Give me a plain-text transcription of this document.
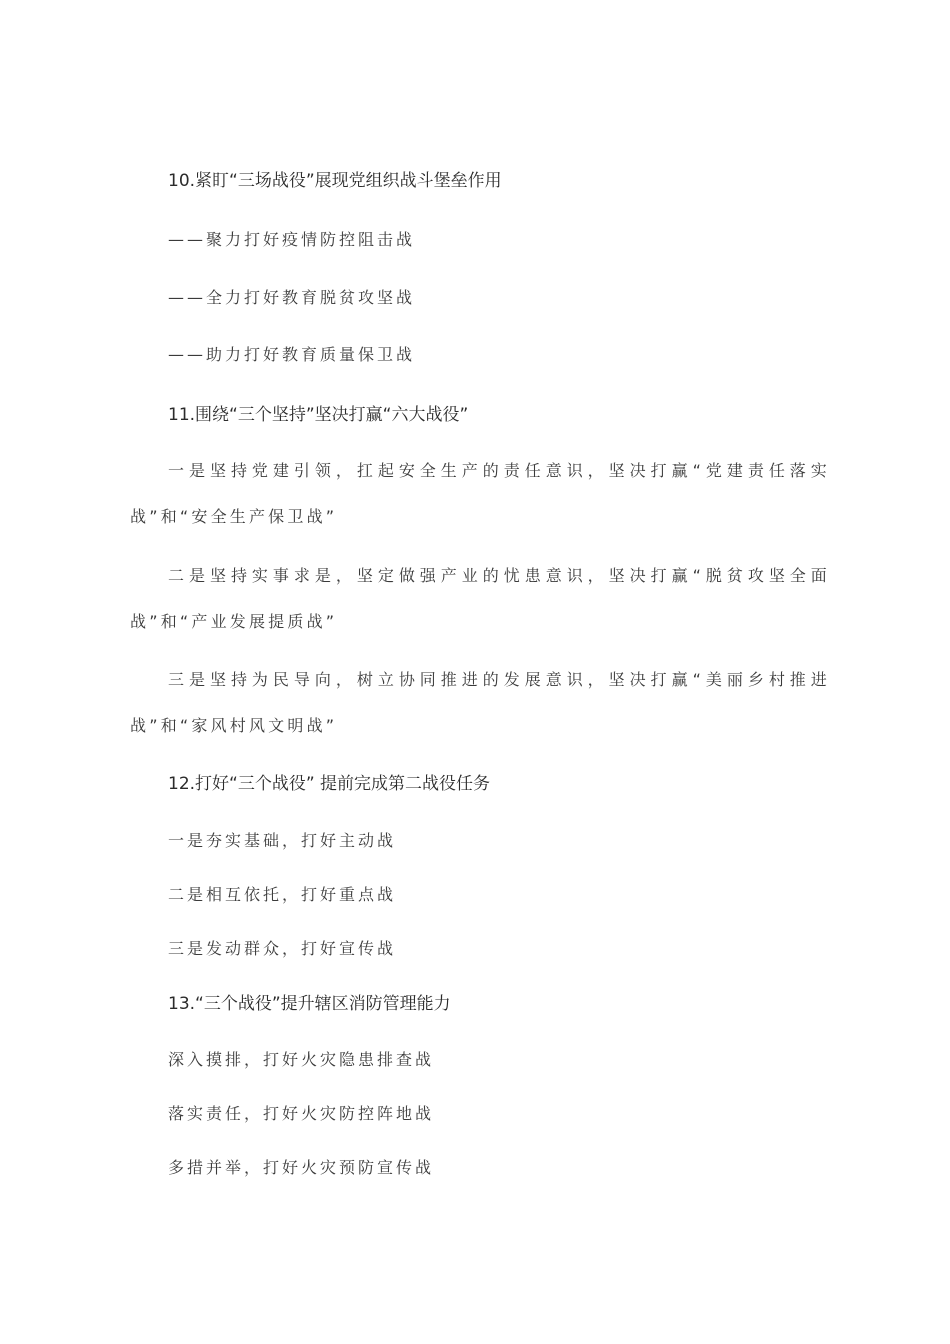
10.紧盯“三场战役”展现党组织战斗堡垒作用
——聚力打好疫情防控阻击战
——全力打好教育脱贫攻坚战
——助力打好教育质量保卫战
11.围绕“三个坚持”坚决打赢“六大战役”
一是坚持党建引领，扛起安全生产的责任意识，坚决打赢“党建责任落实战”和“安全生产保卫战”
二是坚持实事求是，坚定做强产业的忧患意识，坚决打赢“脱贫攻坚全面战”和“产业发展提质战”
三是坚持为民导向，树立协同推进的发展意识，坚决打赢“美丽乡村推进战”和“家风村风文明战”
12.打好“三个战役” 提前完成第二战役任务
一是夯实基础，打好主动战
二是相互依托，打好重点战
三是发动群众，打好宣传战
13.“三个战役”提升辖区消防管理能力
深入摸排，打好火灾隐患排查战
落实责任，打好火灾防控阵地战
多措并举，打好火灾预防宣传战
